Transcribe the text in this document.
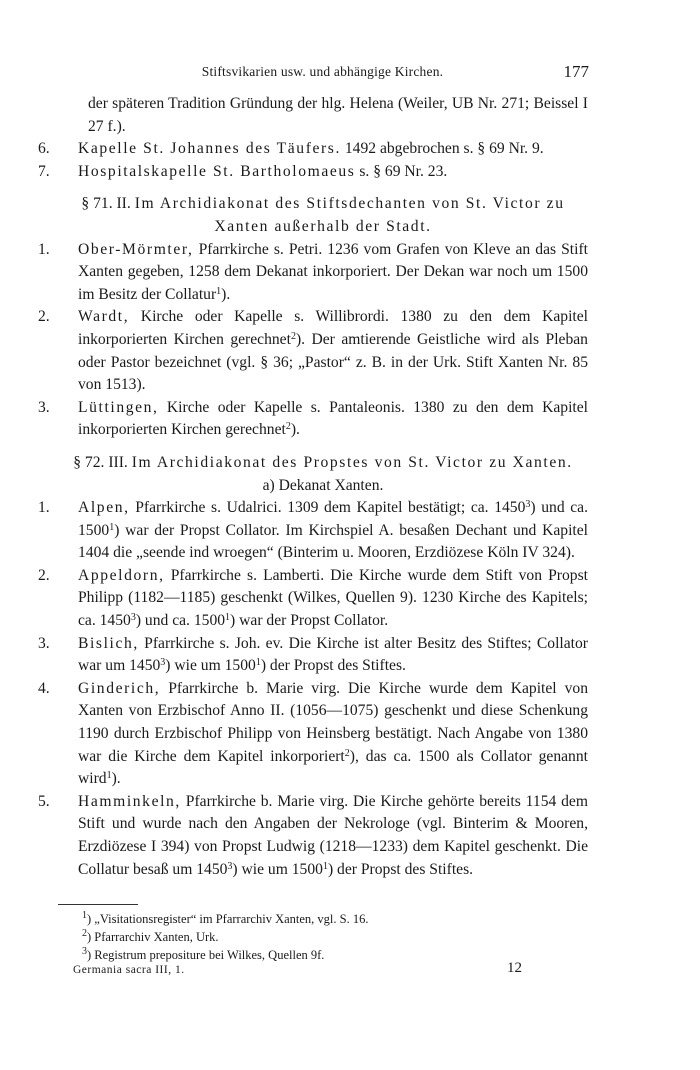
Stiftsvikarien usw. und abhängige Kirchen.	177

der späteren Tradition Gründung der hlg. Helena (Weiler, UB Nr. 271; Beissel I 27 f.).

6. Kapelle St. Johannes des Täufers. 1492 abgebrochen s. § 69 Nr. 9.

7. Hospitalskapelle St. Bartholomaeus s. § 69 Nr. 23.

§ 71. II. Im Archidiakonat des Stiftsdechanten von St. Victor zu Xanten außerhalb der Stadt.

1. Ober-Mörmter, Pfarrkirche s. Petri. 1236 vom Grafen von Kleve an das Stift Xanten gegeben, 1258 dem Dekanat inkorporiert. Der Dekan war noch um 1500 im Besitz der Collatur$^1$).

2. Wardt, Kirche oder Kapelle s. Willibrordi. 1380 zu den dem Kapitel inkorporierten Kirchen gerechnet$^2$). Der amtierende Geistliche wird als Pleban oder Pastor bezeichnet (vgl. § 36; „Pastor“ z. B. in der Urk. Stift Xanten Nr. 85 von 1513).

3. Lüttingen, Kirche oder Kapelle s. Pantaleonis. 1380 zu den dem Kapitel inkorporierten Kirchen gerechnet$^2$).

§ 72. III. Im Archidiakonat des Propstes von St. Victor zu Xanten.

a) Dekanat Xanten.

1. Alpen, Pfarrkirche s. Udalrici. 1309 dem Kapitel bestätigt; ca. 1450$^3$) und ca. 1500$^1$) war der Propst Collator. Im Kirchspiel A. besaßen Dechant und Kapitel 1404 die „seende ind wroegen“ (Binterim u. Mooren, Erzdiözese Köln IV 324).

2. Appeldorn, Pfarrkirche s. Lamberti. Die Kirche wurde dem Stift von Propst Philipp (1182—1185) geschenkt (Wilkes, Quellen 9). 1230 Kirche des Kapitels; ca. 1450$^3$) und ca. 1500$^1$) war der Propst Collator.

3. Bislich, Pfarrkirche s. Joh. ev. Die Kirche ist alter Besitz des Stiftes; Collator war um 1450$^3$) wie um 1500$^1$) der Propst des Stiftes.

4. Ginderich, Pfarrkirche b. Marie virg. Die Kirche wurde dem Kapitel von Xanten von Erzbischof Anno II. (1056—1075) geschenkt und diese Schenkung 1190 durch Erzbischof Philipp von Heinsberg bestätigt. Nach Angabe von 1380 war die Kirche dem Kapitel inkorporiert$^2$), das ca. 1500 als Collator genannt wird$^1$).

5. Hamminkeln, Pfarrkirche b. Marie virg. Die Kirche gehörte bereits 1154 dem Stift und wurde nach den Angaben der Nekrologe (vgl. Binterim & Mooren, Erzdiözese I 394) von Propst Ludwig (1218—1233) dem Kapitel geschenkt. Die Collatur besaß um 1450$^3$) wie um 1500$^1$) der Propst des Stiftes.

$^1$) „Visitationsregister“ im Pfarrarchiv Xanten, vgl. S. 16.
$^2$) Pfarrarchiv Xanten, Urk.
$^3$) Registrum prepositure bei Wilkes, Quellen 9f.
Germania sacra III, 1.	12
